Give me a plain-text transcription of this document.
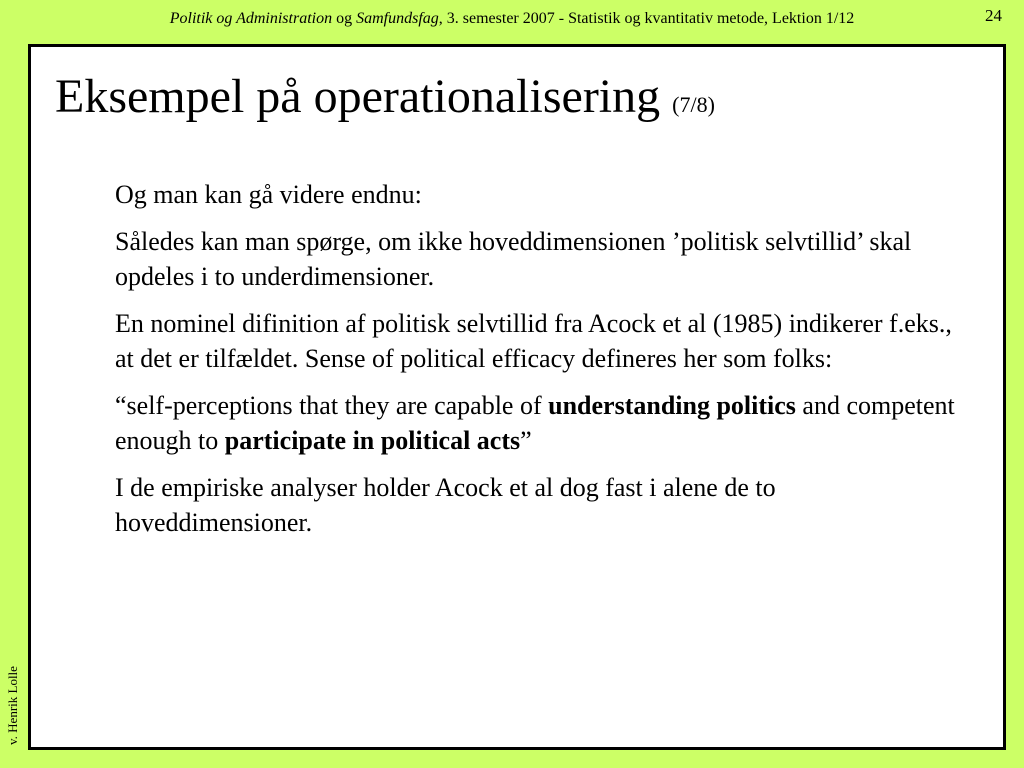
Politik og Administration og Samfundsfag, 3. semester 2007 - Statistik og kvantitativ metode, Lektion 1/12	24
v. Henrik Lolle
Eksempel på operationalisering (7/8)

Og man kan gå videre endnu:

Således kan man spørge, om ikke hoveddimensionen ’politisk selvtillid’ skal opdeles i to underdimensioner.

En nominel difinition af politisk selvtillid fra Acock et al (1985) indikerer f.eks., at det er tilfældet. Sense of political efficacy defineres her som folks:

“self-perceptions that they are capable of understanding politics and competent enough to participate in political acts”

I de empiriske analyser holder Acock et al dog fast i alene de to hoveddimensioner.
